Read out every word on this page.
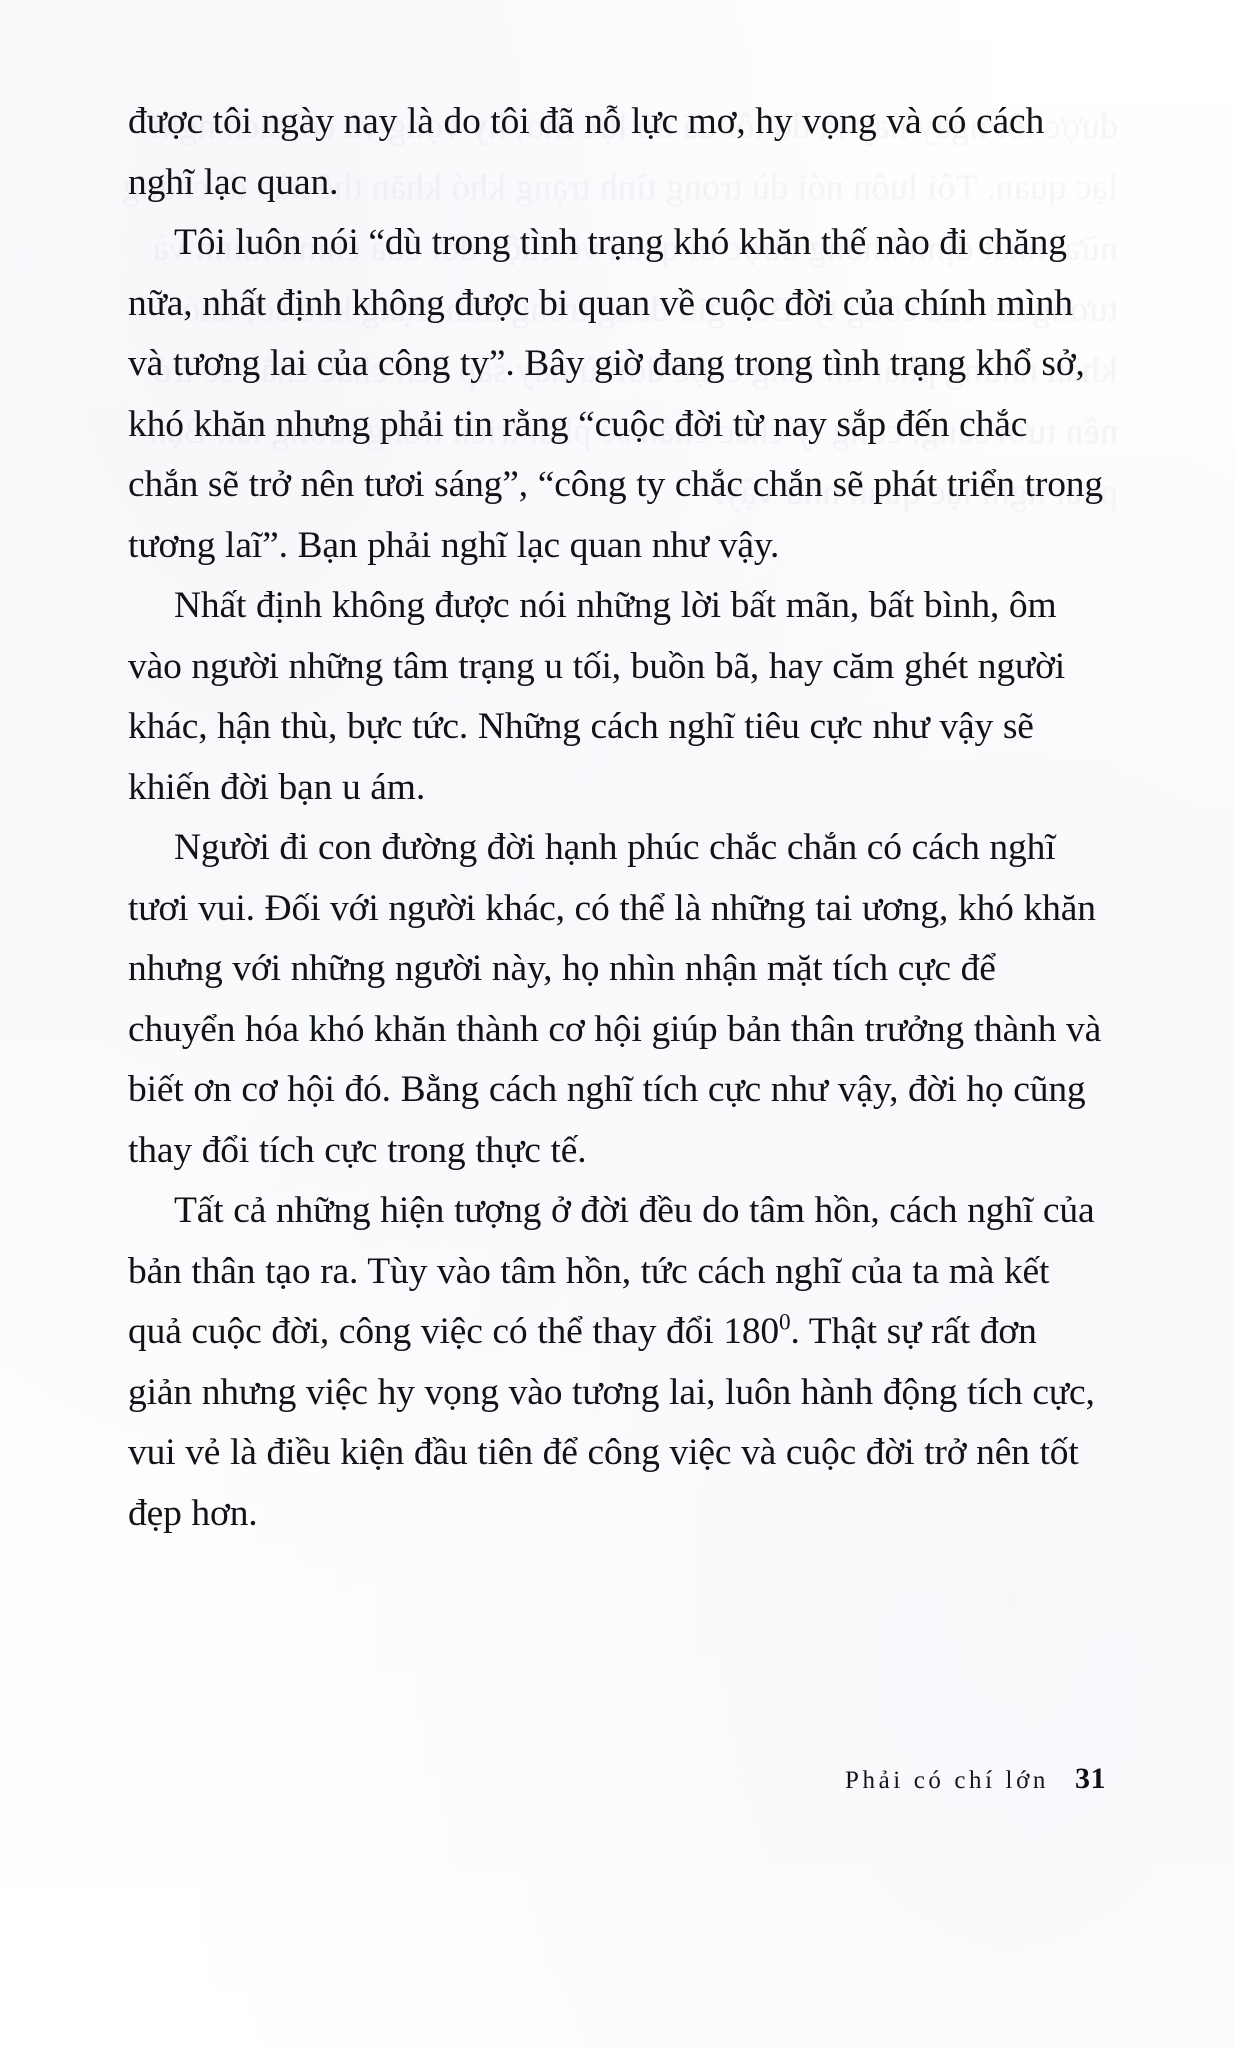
được tôi ngày nay là do tôi đã nỗ lực mơ, hy vọng và có cách nghĩ lạc quan.

Tôi luôn nói “dù trong tình trạng khó khăn thế nào đi chăng nữa, nhất định không được bi quan về cuộc đời của chính mình và tương lai của công ty”. Bây giờ đang trong tình trạng khổ sở, khó khăn nhưng phải tin rằng “cuộc đời từ nay sắp đến chắc chắn sẽ trở nên tươi sáng”, “công ty chắc chắn sẽ phát triển trong tương laĩ”. Bạn phải nghĩ lạc quan như vậy.

Nhất định không được nói những lời bất mãn, bất bình, ôm vào người những tâm trạng u tối, buồn bã, hay căm ghét người khác, hận thù, bực tức. Những cách nghĩ tiêu cực như vậy sẽ khiến đời bạn u ám.

Người đi con đường đời hạnh phúc chắc chắn có cách nghĩ tươi vui. Đối với người khác, có thể là những tai ương, khó khăn nhưng với những người này, họ nhìn nhận mặt tích cực để chuyển hóa khó khăn thành cơ hội giúp bản thân trưởng thành và biết ơn cơ hội đó. Bằng cách nghĩ tích cực như vậy, đời họ cũng thay đổi tích cực trong thực tế.

Tất cả những hiện tượng ở đời đều do tâm hồn, cách nghĩ của bản thân tạo ra. Tùy vào tâm hồn, tức cách nghĩ của ta mà kết quả cuộc đời, công việc có thể thay đổi $180^0$. Thật sự rất đơn giản nhưng việc hy vọng vào tương lai, luôn hành động tích cực, vui vẻ là điều kiện đầu tiên để công việc và cuộc đời trở nên tốt đẹp hơn.

Phải có chí lớn 31
